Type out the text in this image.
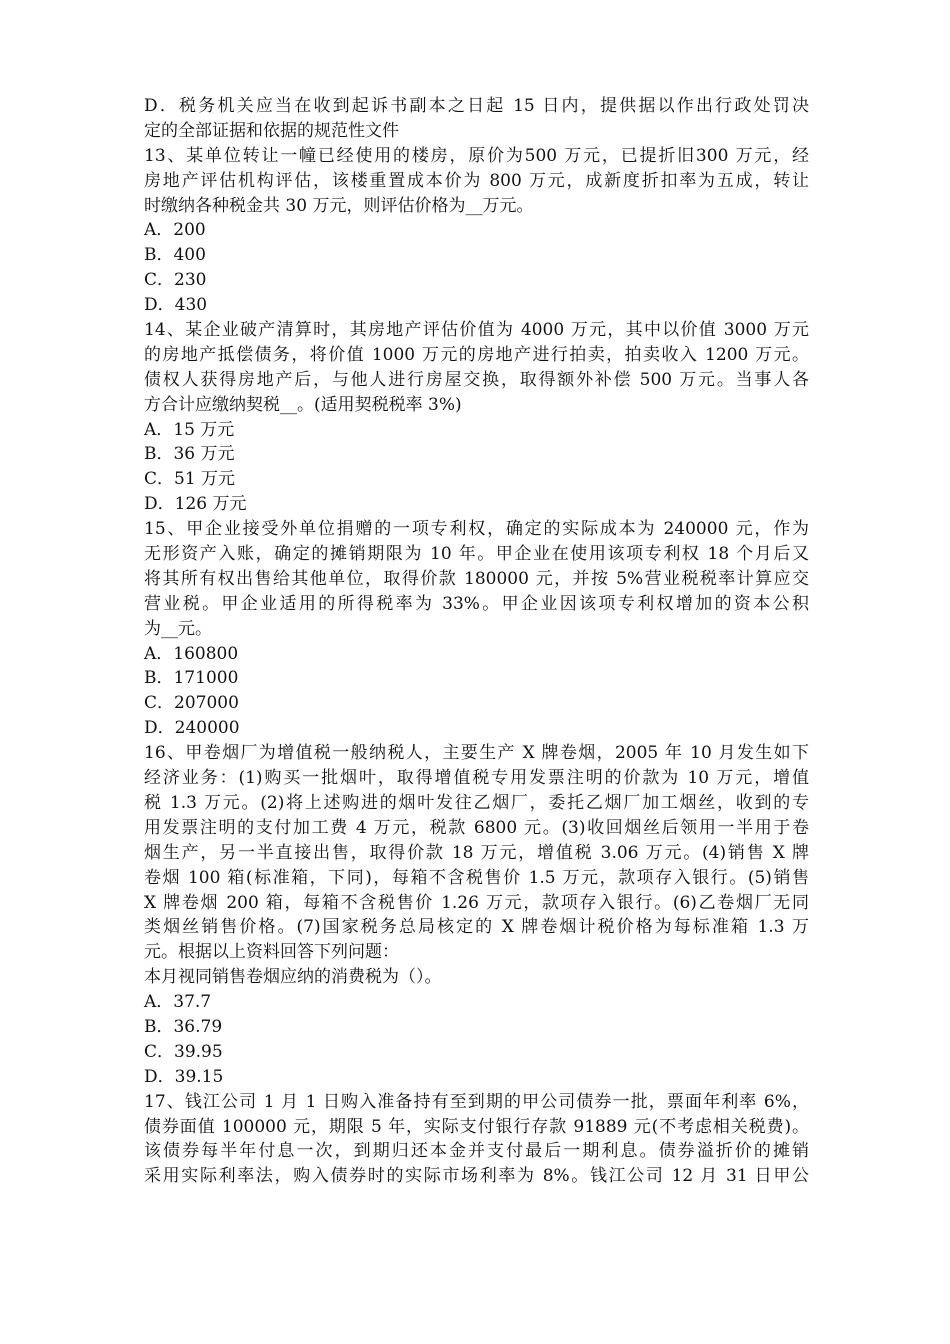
D．税务机关应当在收到起诉书副本之日起 15 日内，提供据以作出行政处罚决
定的全部证据和依据的规范性文件
13、某单位转让一幢已经使用的楼房，原价为500 万元，已提折旧300 万元，经
房地产评估机构评估，该楼重置成本价为 800 万元，成新度折扣率为五成，转让
时缴纳各种税金共 30 万元，则评估价格为__万元。
A．200
B．400
C．230
D．430
14、某企业破产清算时，其房地产评估价值为 4000 万元，其中以价值 3000 万元
的房地产抵偿债务，将价值 1000 万元的房地产进行拍卖，拍卖收入 1200 万元。
债权人获得房地产后，与他人进行房屋交换，取得额外补偿 500 万元。当事人各
方合计应缴纳契税__。(适用契税税率 3%)
A．15 万元
B．36 万元
C．51 万元
D．126 万元
15、甲企业接受外单位捐赠的一项专利权，确定的实际成本为 240000 元，作为
无形资产入账，确定的摊销期限为 10 年。甲企业在使用该项专利权 18 个月后又
将其所有权出售给其他单位，取得价款 180000 元，并按 5%营业税税率计算应交
营业税。甲企业适用的所得税率为 33%。甲企业因该项专利权增加的资本公积
为__元。
A．160800
B．171000
C．207000
D．240000
16、甲卷烟厂为增值税一般纳税人，主要生产 X 牌卷烟，2005 年 10 月发生如下
经济业务：(1)购买一批烟叶，取得增值税专用发票注明的价款为 10 万元，增值
税 1.3 万元。(2)将上述购进的烟叶发往乙烟厂，委托乙烟厂加工烟丝，收到的专
用发票注明的支付加工费 4 万元，税款 6800 元。(3)收回烟丝后领用一半用于卷
烟生产，另一半直接出售，取得价款 18 万元，增值税 3.06 万元。(4)销售 X 牌
卷烟 100 箱(标准箱，下同)，每箱不含税售价 1.5 万元，款项存入银行。(5)销售
X 牌卷烟 200 箱，每箱不含税售价 1.26 万元，款项存入银行。(6)乙卷烟厂无同
类烟丝销售价格。(7)国家税务总局核定的 X 牌卷烟计税价格为每标准箱 1.3 万
元。根据以上资料回答下列问题：
本月视同销售卷烟应纳的消费税为（）。
A．37.7
B．36.79
C．39.95
D．39.15
17、钱江公司 1 月 1 日购入准备持有至到期的甲公司债券一批，票面年利率 6%，
债券面值 100000 元，期限 5 年，实际支付银行存款 91889 元(不考虑相关税费)。
该债券每半年付息一次，到期归还本金并支付最后一期利息。债券溢折价的摊销
采用实际利率法，购入债券时的实际市场利率为 8%。钱江公司 12 月 31 日甲公
